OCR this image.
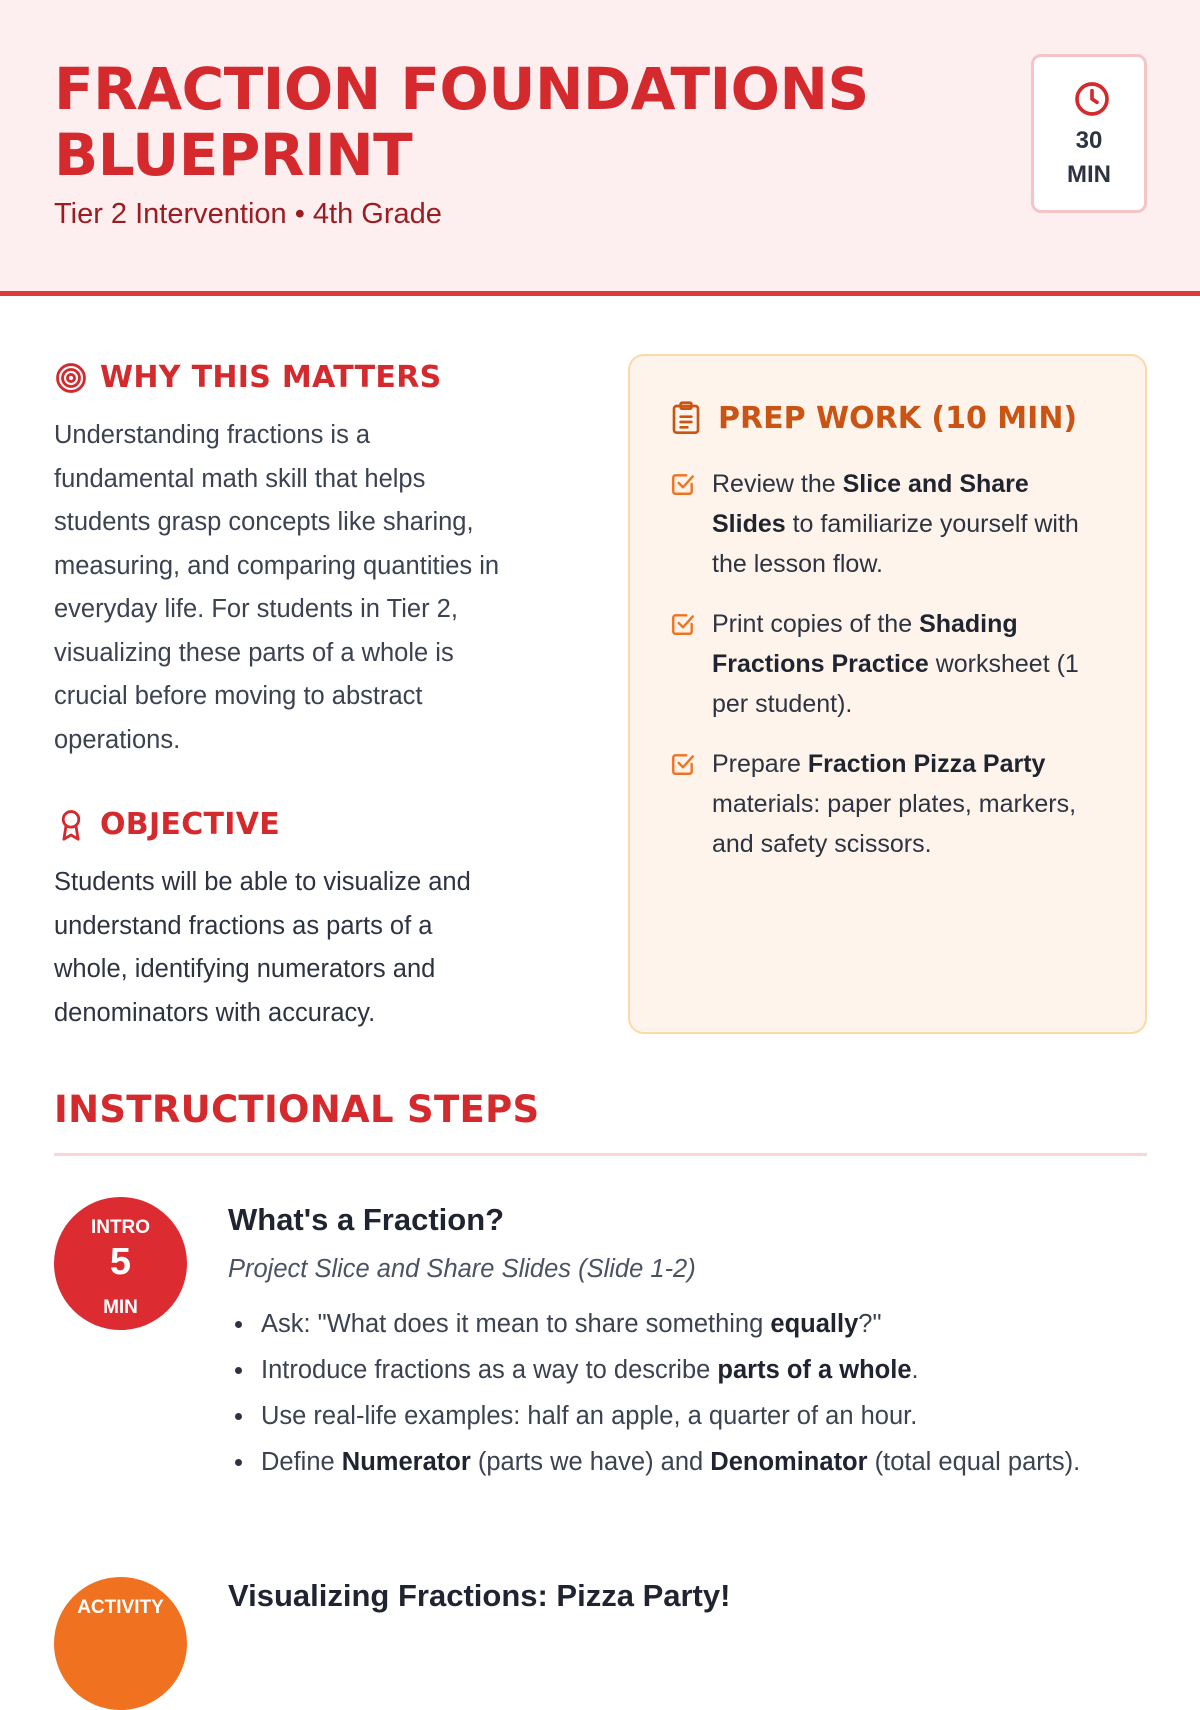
FRACTION FOUNDATIONS
BLUEPRINT
Tier 2 Intervention • 4th Grade
30
MIN
WHY THIS MATTERS
Understanding fractions is a
fundamental math skill that helps
students grasp concepts like sharing,
measuring, and comparing quantities in
everyday life. For students in Tier 2,
visualizing these parts of a whole is
crucial before moving to abstract
operations.
OBJECTIVE
Students will be able to visualize and
understand fractions as parts of a
whole, identifying numerators and
denominators with accuracy.
PREP WORK (10 MIN)
Review the Slice and Share
Slides to familiarize yourself with the lesson flow.
Print copies of the Shading
Fractions Practice worksheet (1 per student).
Prepare Fraction Pizza Party materials: paper plates, markers, and safety scissors.
INSTRUCTIONAL STEPS
INTRO
5
MIN
What's a Fraction?
Project Slice and Share Slides (Slide 1-2)
Ask: "What does it mean to share something equally?"
Introduce fractions as a way to describe parts of a whole.
Use real-life examples: half an apple, a quarter of an hour.
Define Numerator (parts we have) and Denominator (total equal parts).
ACTIVITY	Visualizing Fractions: Pizza Party!
